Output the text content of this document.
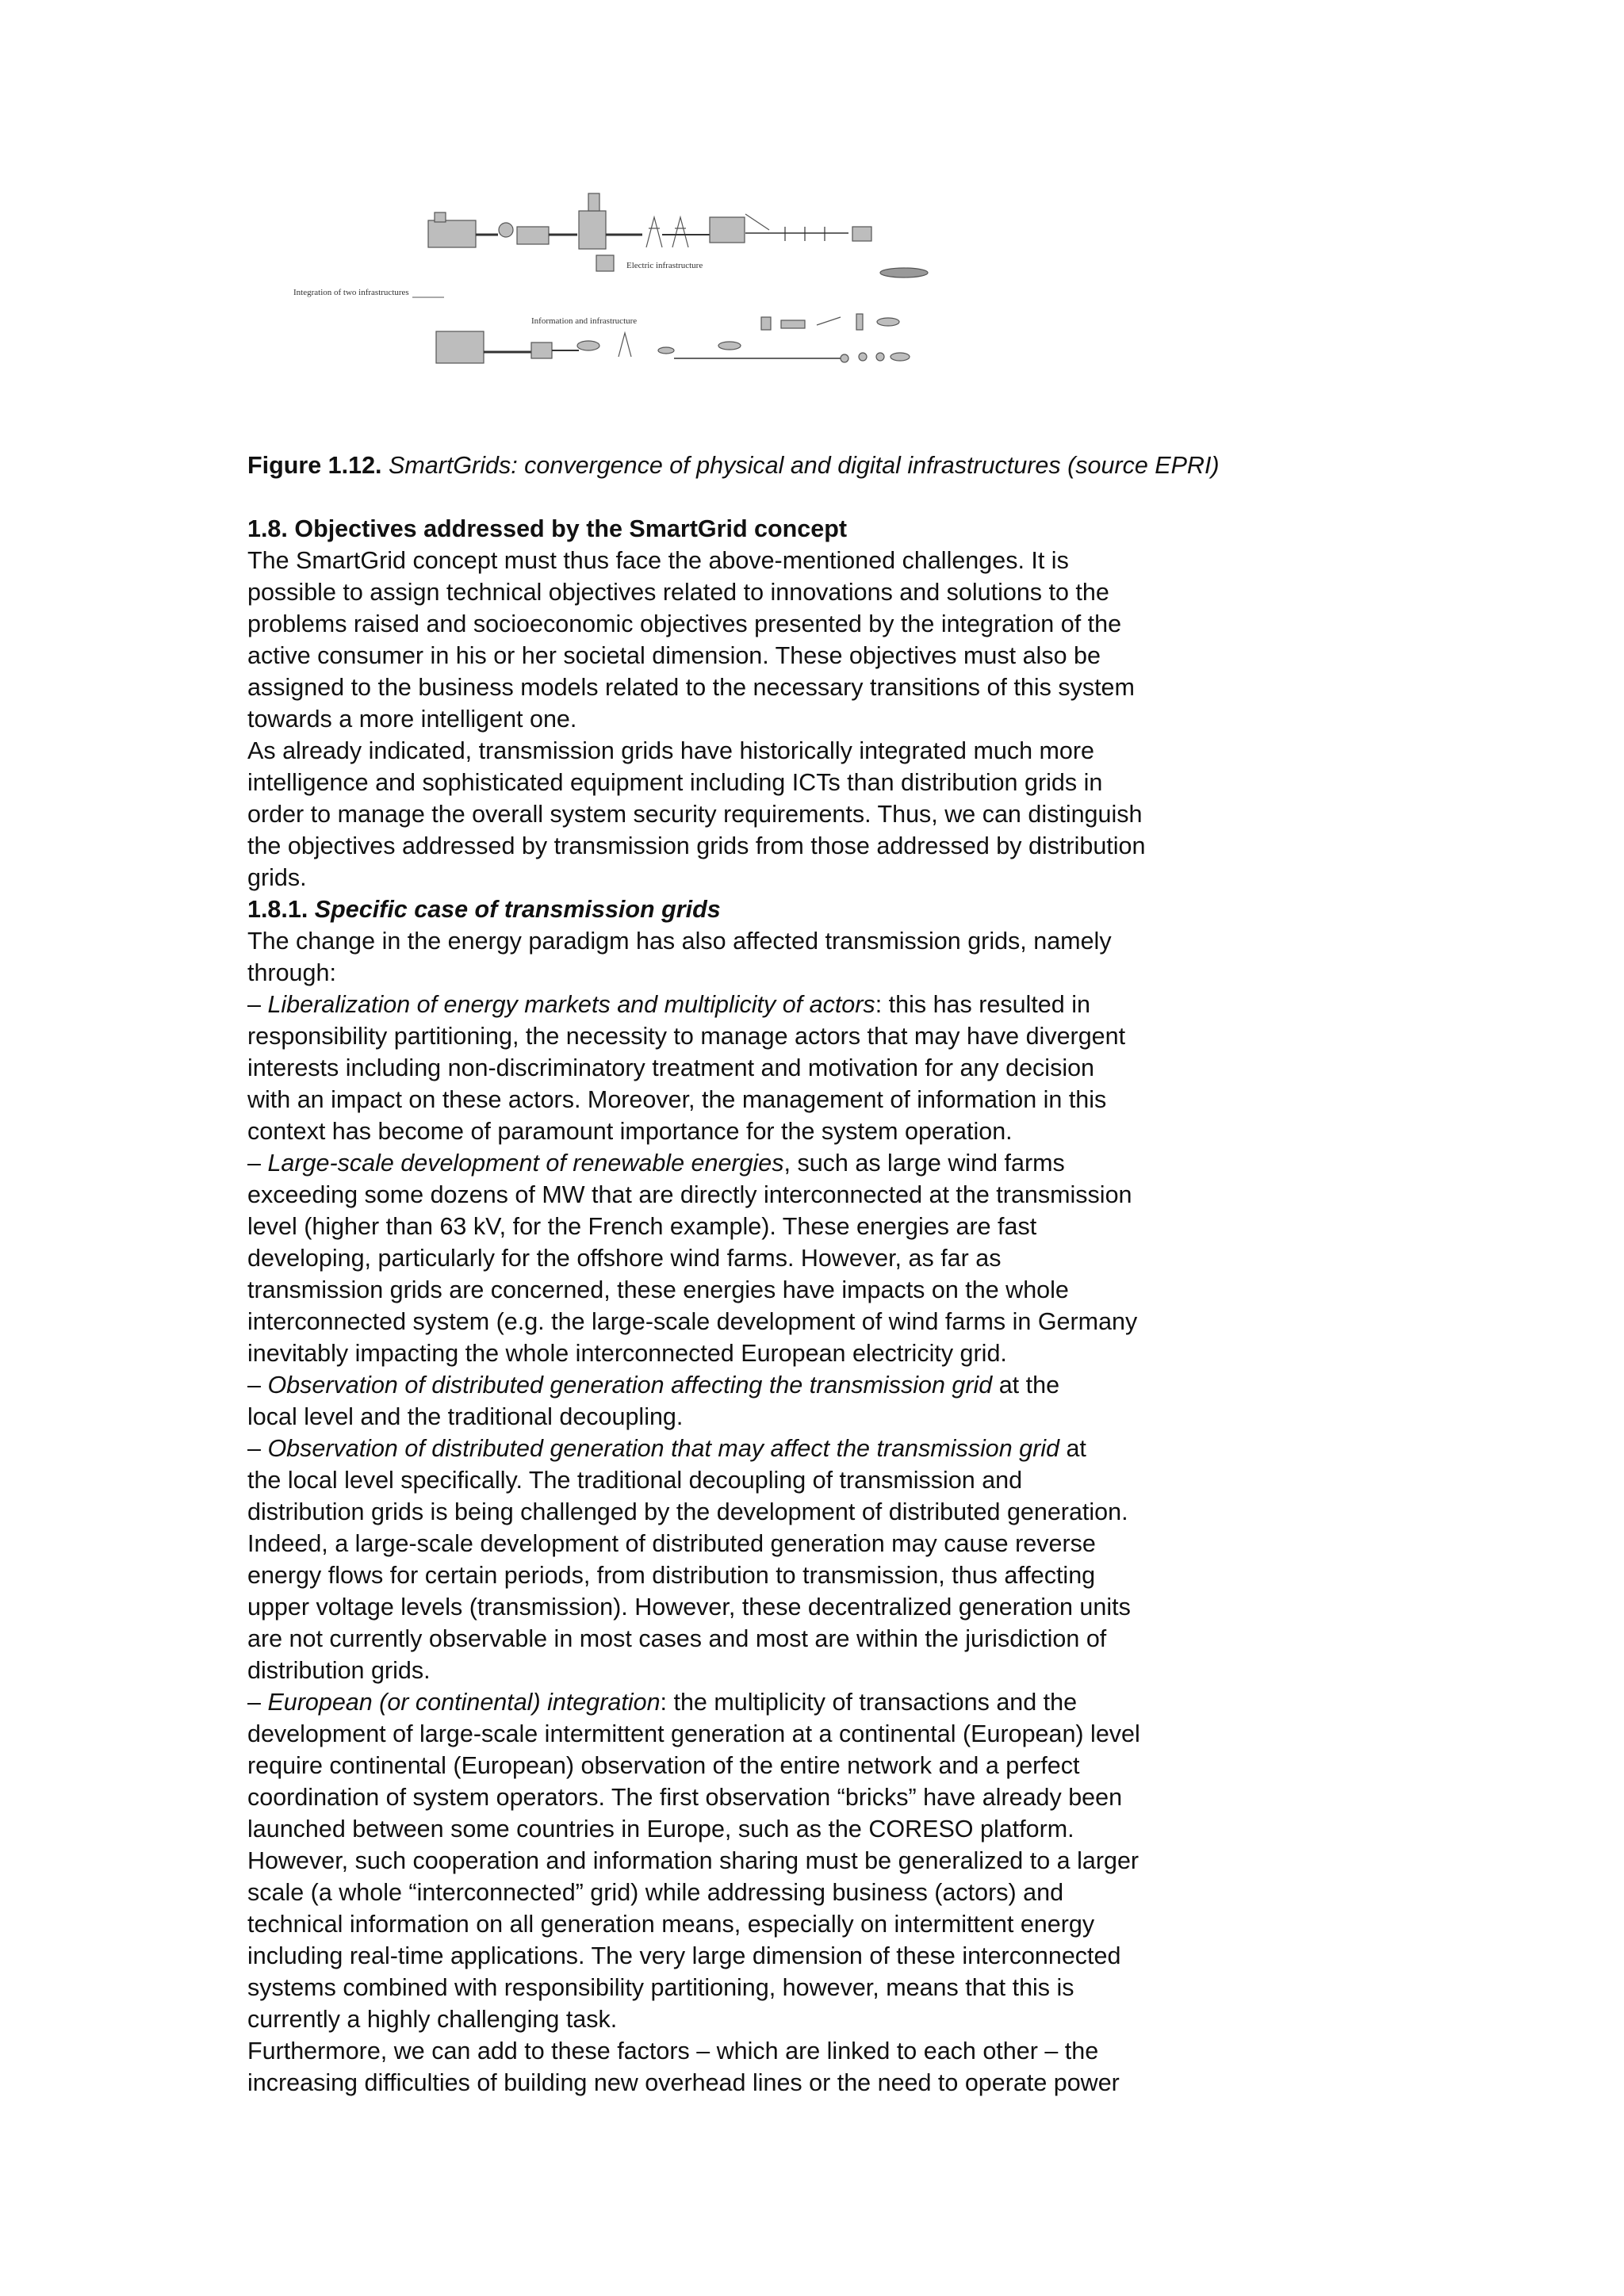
Electric infrastructure
Integration of two infrastructures
Information and infrastructure
Figure 1.12. SmartGrids: convergence of physical and digital infrastructures (source EPRI)
1.8. Objectives addressed by the SmartGrid concept
The SmartGrid concept must thus face the above-mentioned challenges. It is
possible to assign technical objectives related to innovations and solutions to the
problems raised and socioeconomic objectives presented by the integration of the
active consumer in his or her societal dimension. These objectives must also be
assigned to the business models related to the necessary transitions of this system
towards a more intelligent one.
As already indicated, transmission grids have historically integrated much more
intelligence and sophisticated equipment including ICTs than distribution grids in
order to manage the overall system security requirements. Thus, we can distinguish
the objectives addressed by transmission grids from those addressed by distribution
grids.
1.8.1. Specific case of transmission grids
The change in the energy paradigm has also affected transmission grids, namely
through:
– Liberalization of energy markets and multiplicity of actors: this has resulted in
responsibility partitioning, the necessity to manage actors that may have divergent
interests including non-discriminatory treatment and motivation for any decision
with an impact on these actors. Moreover, the management of information in this
context has become of paramount importance for the system operation.
– Large-scale development of renewable energies, such as large wind farms
exceeding some dozens of MW that are directly interconnected at the transmission
level (higher than 63 kV, for the French example). These energies are fast
developing, particularly for the offshore wind farms. However, as far as
transmission grids are concerned, these energies have impacts on the whole
interconnected system (e.g. the large-scale development of wind farms in Germany
inevitably impacting the whole interconnected European electricity grid.
– Observation of distributed generation affecting the transmission grid at the
local level and the traditional decoupling.
– Observation of distributed generation that may affect the transmission grid at
the local level specifically. The traditional decoupling of transmission and
distribution grids is being challenged by the development of distributed generation.
Indeed, a large-scale development of distributed generation may cause reverse
energy flows for certain periods, from distribution to transmission, thus affecting
upper voltage levels (transmission). However, these decentralized generation units
are not currently observable in most cases and most are within the jurisdiction of
distribution grids.
– European (or continental) integration: the multiplicity of transactions and the
development of large-scale intermittent generation at a continental (European) level
require continental (European) observation of the entire network and a perfect
coordination of system operators. The first observation “bricks” have already been
launched between some countries in Europe, such as the CORESO platform.
However, such cooperation and information sharing must be generalized to a larger
scale (a whole “interconnected” grid) while addressing business (actors) and
technical information on all generation means, especially on intermittent energy
including real-time applications. The very large dimension of these interconnected
systems combined with responsibility partitioning, however, means that this is
currently a highly challenging task.
Furthermore, we can add to these factors – which are linked to each other – the
increasing difficulties of building new overhead lines or the need to operate power
